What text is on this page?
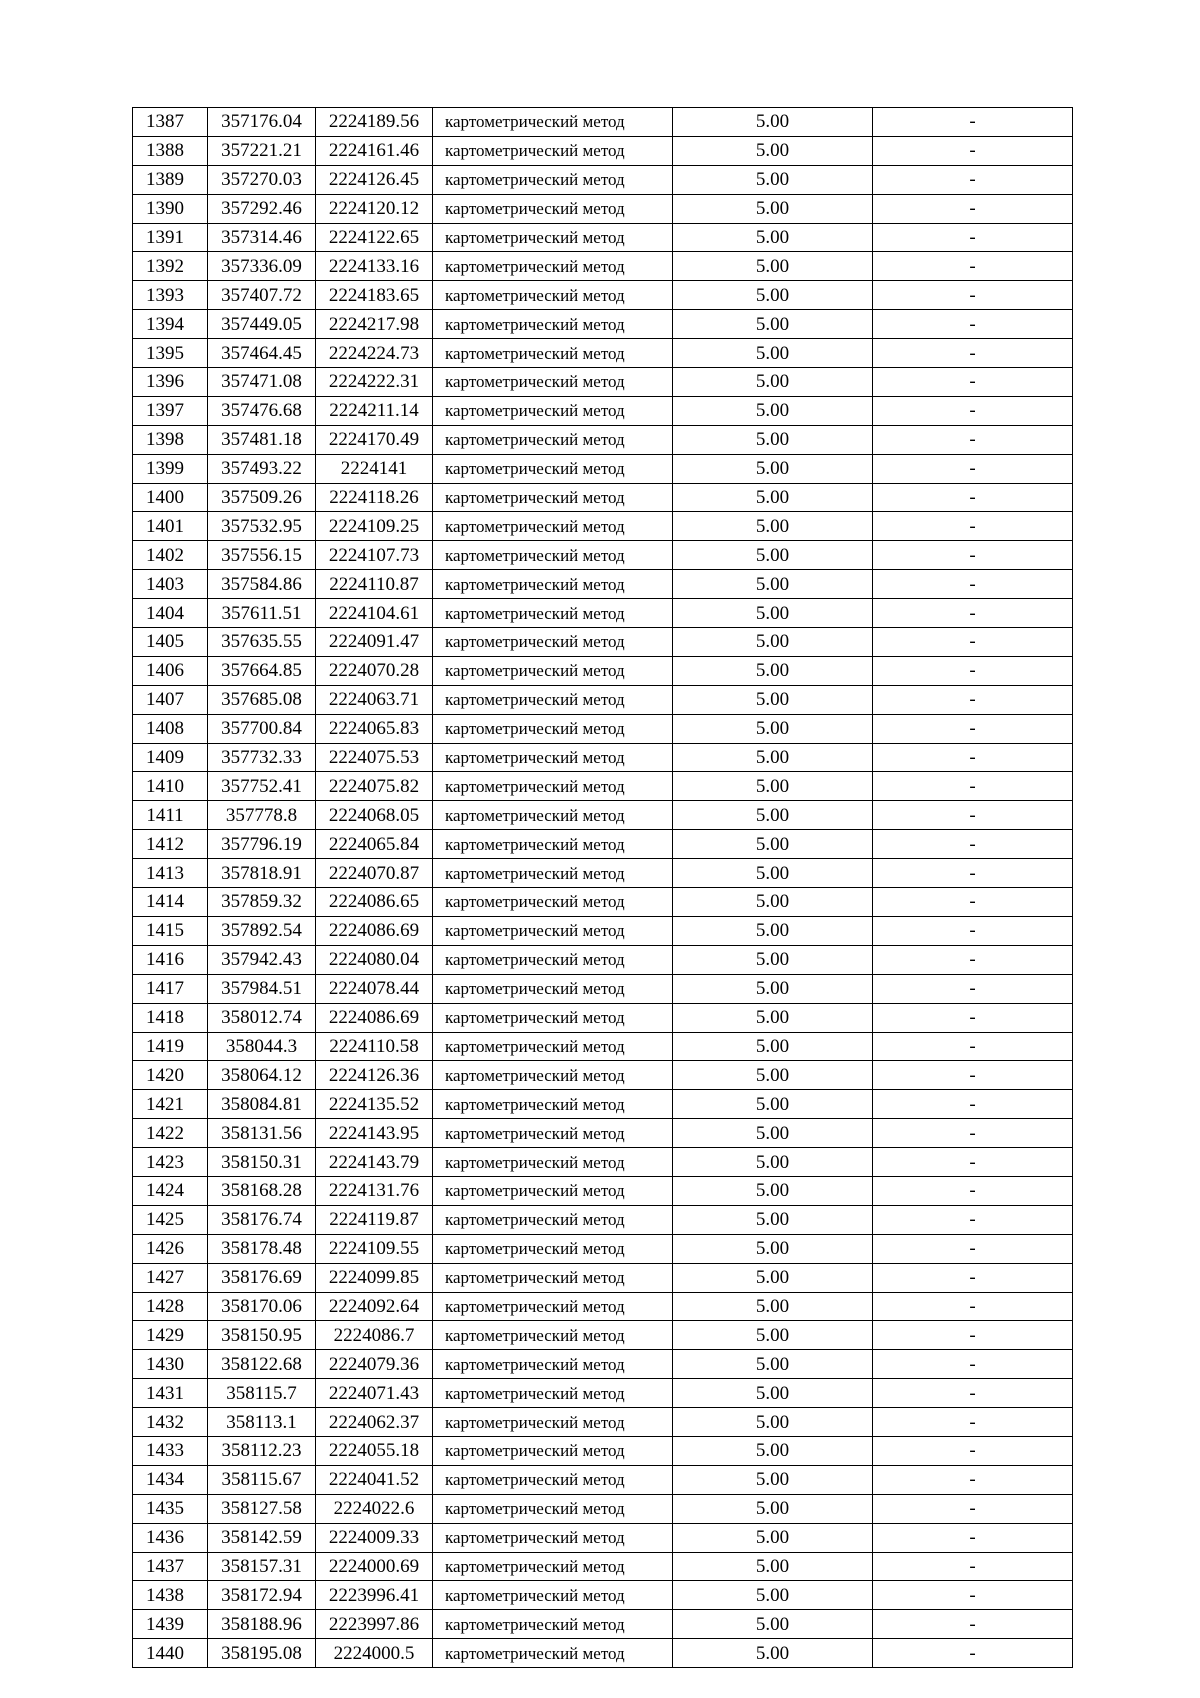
1387	357176.04	2224189.56	картометрический метод	5.00	-
1388	357221.21	2224161.46	картометрический метод	5.00	-
1389	357270.03	2224126.45	картометрический метод	5.00	-
1390	357292.46	2224120.12	картометрический метод	5.00	-
1391	357314.46	2224122.65	картометрический метод	5.00	-
1392	357336.09	2224133.16	картометрический метод	5.00	-
1393	357407.72	2224183.65	картометрический метод	5.00	-
1394	357449.05	2224217.98	картометрический метод	5.00	-
1395	357464.45	2224224.73	картометрический метод	5.00	-
1396	357471.08	2224222.31	картометрический метод	5.00	-
1397	357476.68	2224211.14	картометрический метод	5.00	-
1398	357481.18	2224170.49	картометрический метод	5.00	-
1399	357493.22	2224141	картометрический метод	5.00	-
1400	357509.26	2224118.26	картометрический метод	5.00	-
1401	357532.95	2224109.25	картометрический метод	5.00	-
1402	357556.15	2224107.73	картометрический метод	5.00	-
1403	357584.86	2224110.87	картометрический метод	5.00	-
1404	357611.51	2224104.61	картометрический метод	5.00	-
1405	357635.55	2224091.47	картометрический метод	5.00	-
1406	357664.85	2224070.28	картометрический метод	5.00	-
1407	357685.08	2224063.71	картометрический метод	5.00	-
1408	357700.84	2224065.83	картометрический метод	5.00	-
1409	357732.33	2224075.53	картометрический метод	5.00	-
1410	357752.41	2224075.82	картометрический метод	5.00	-
1411	357778.8	2224068.05	картометрический метод	5.00	-
1412	357796.19	2224065.84	картометрический метод	5.00	-
1413	357818.91	2224070.87	картометрический метод	5.00	-
1414	357859.32	2224086.65	картометрический метод	5.00	-
1415	357892.54	2224086.69	картометрический метод	5.00	-
1416	357942.43	2224080.04	картометрический метод	5.00	-
1417	357984.51	2224078.44	картометрический метод	5.00	-
1418	358012.74	2224086.69	картометрический метод	5.00	-
1419	358044.3	2224110.58	картометрический метод	5.00	-
1420	358064.12	2224126.36	картометрический метод	5.00	-
1421	358084.81	2224135.52	картометрический метод	5.00	-
1422	358131.56	2224143.95	картометрический метод	5.00	-
1423	358150.31	2224143.79	картометрический метод	5.00	-
1424	358168.28	2224131.76	картометрический метод	5.00	-
1425	358176.74	2224119.87	картометрический метод	5.00	-
1426	358178.48	2224109.55	картометрический метод	5.00	-
1427	358176.69	2224099.85	картометрический метод	5.00	-
1428	358170.06	2224092.64	картометрический метод	5.00	-
1429	358150.95	2224086.7	картометрический метод	5.00	-
1430	358122.68	2224079.36	картометрический метод	5.00	-
1431	358115.7	2224071.43	картометрический метод	5.00	-
1432	358113.1	2224062.37	картометрический метод	5.00	-
1433	358112.23	2224055.18	картометрический метод	5.00	-
1434	358115.67	2224041.52	картометрический метод	5.00	-
1435	358127.58	2224022.6	картометрический метод	5.00	-
1436	358142.59	2224009.33	картометрический метод	5.00	-
1437	358157.31	2224000.69	картометрический метод	5.00	-
1438	358172.94	2223996.41	картометрический метод	5.00	-
1439	358188.96	2223997.86	картометрический метод	5.00	-
1440	358195.08	2224000.5	картометрический метод	5.00	-
